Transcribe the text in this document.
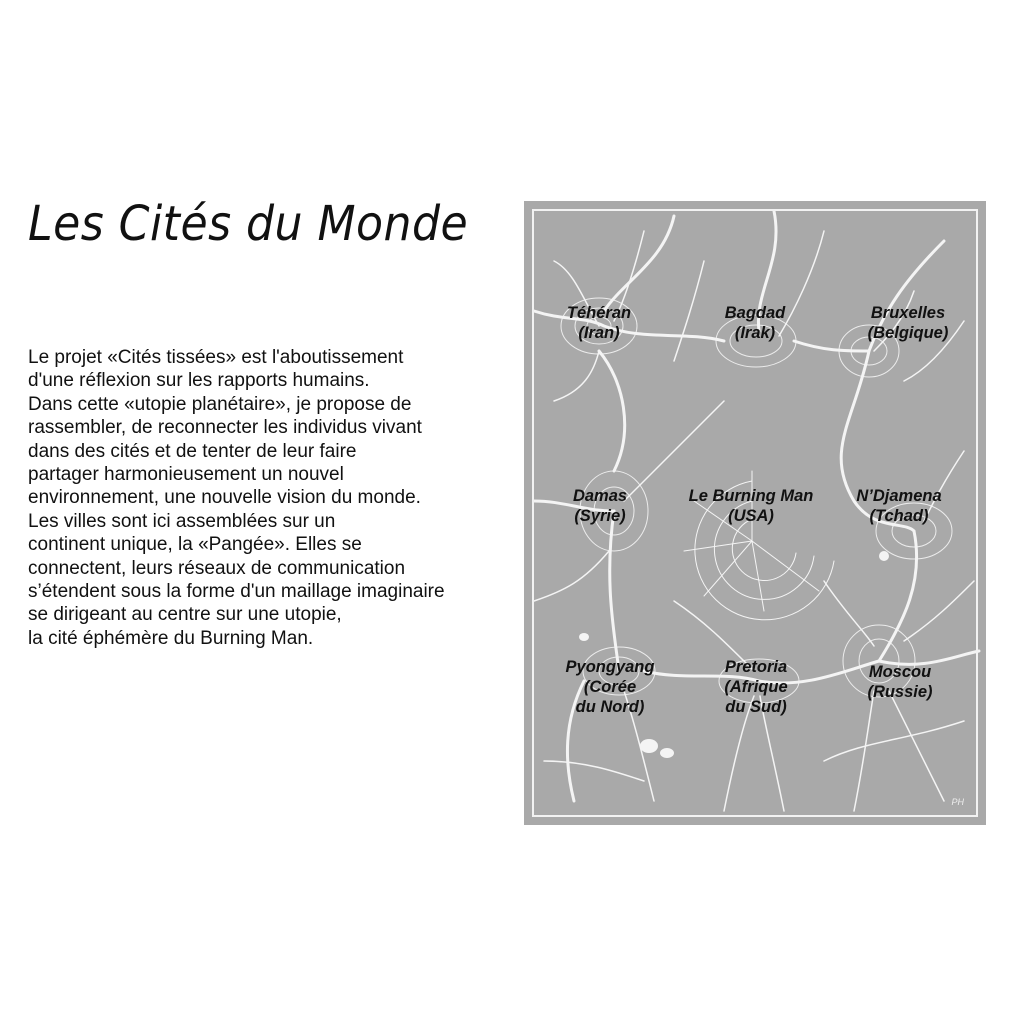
Les Cités du Monde
Le projet «Cités tissées» est l'aboutissement
d'une réflexion sur les rapports humains.
Dans cette «utopie planétaire», je propose de
rassembler, de reconnecter les individus vivant
dans des cités et de tenter de leur faire
partager harmonieusement un nouvel
environnement, une nouvelle vision du monde.
Les villes sont ici assemblées sur un
continent unique, la «Pangée». Elles se
connectent, leurs réseaux de communication
s’étendent sous la forme d'un maillage imaginaire
se dirigeant au centre sur une utopie,
la cité éphémère du Burning Man.
Téhéran
(Iran)
Bagdad
(Irak)
Bruxelles
(Belgique)
Damas
(Syrie)
Le Burning Man
(USA)
N’Djamena
(Tchad)
Pyongyang
(Corée
du Nord)
Pretoria
(Afrique
du Sud)
Moscou
(Russie)
PH
